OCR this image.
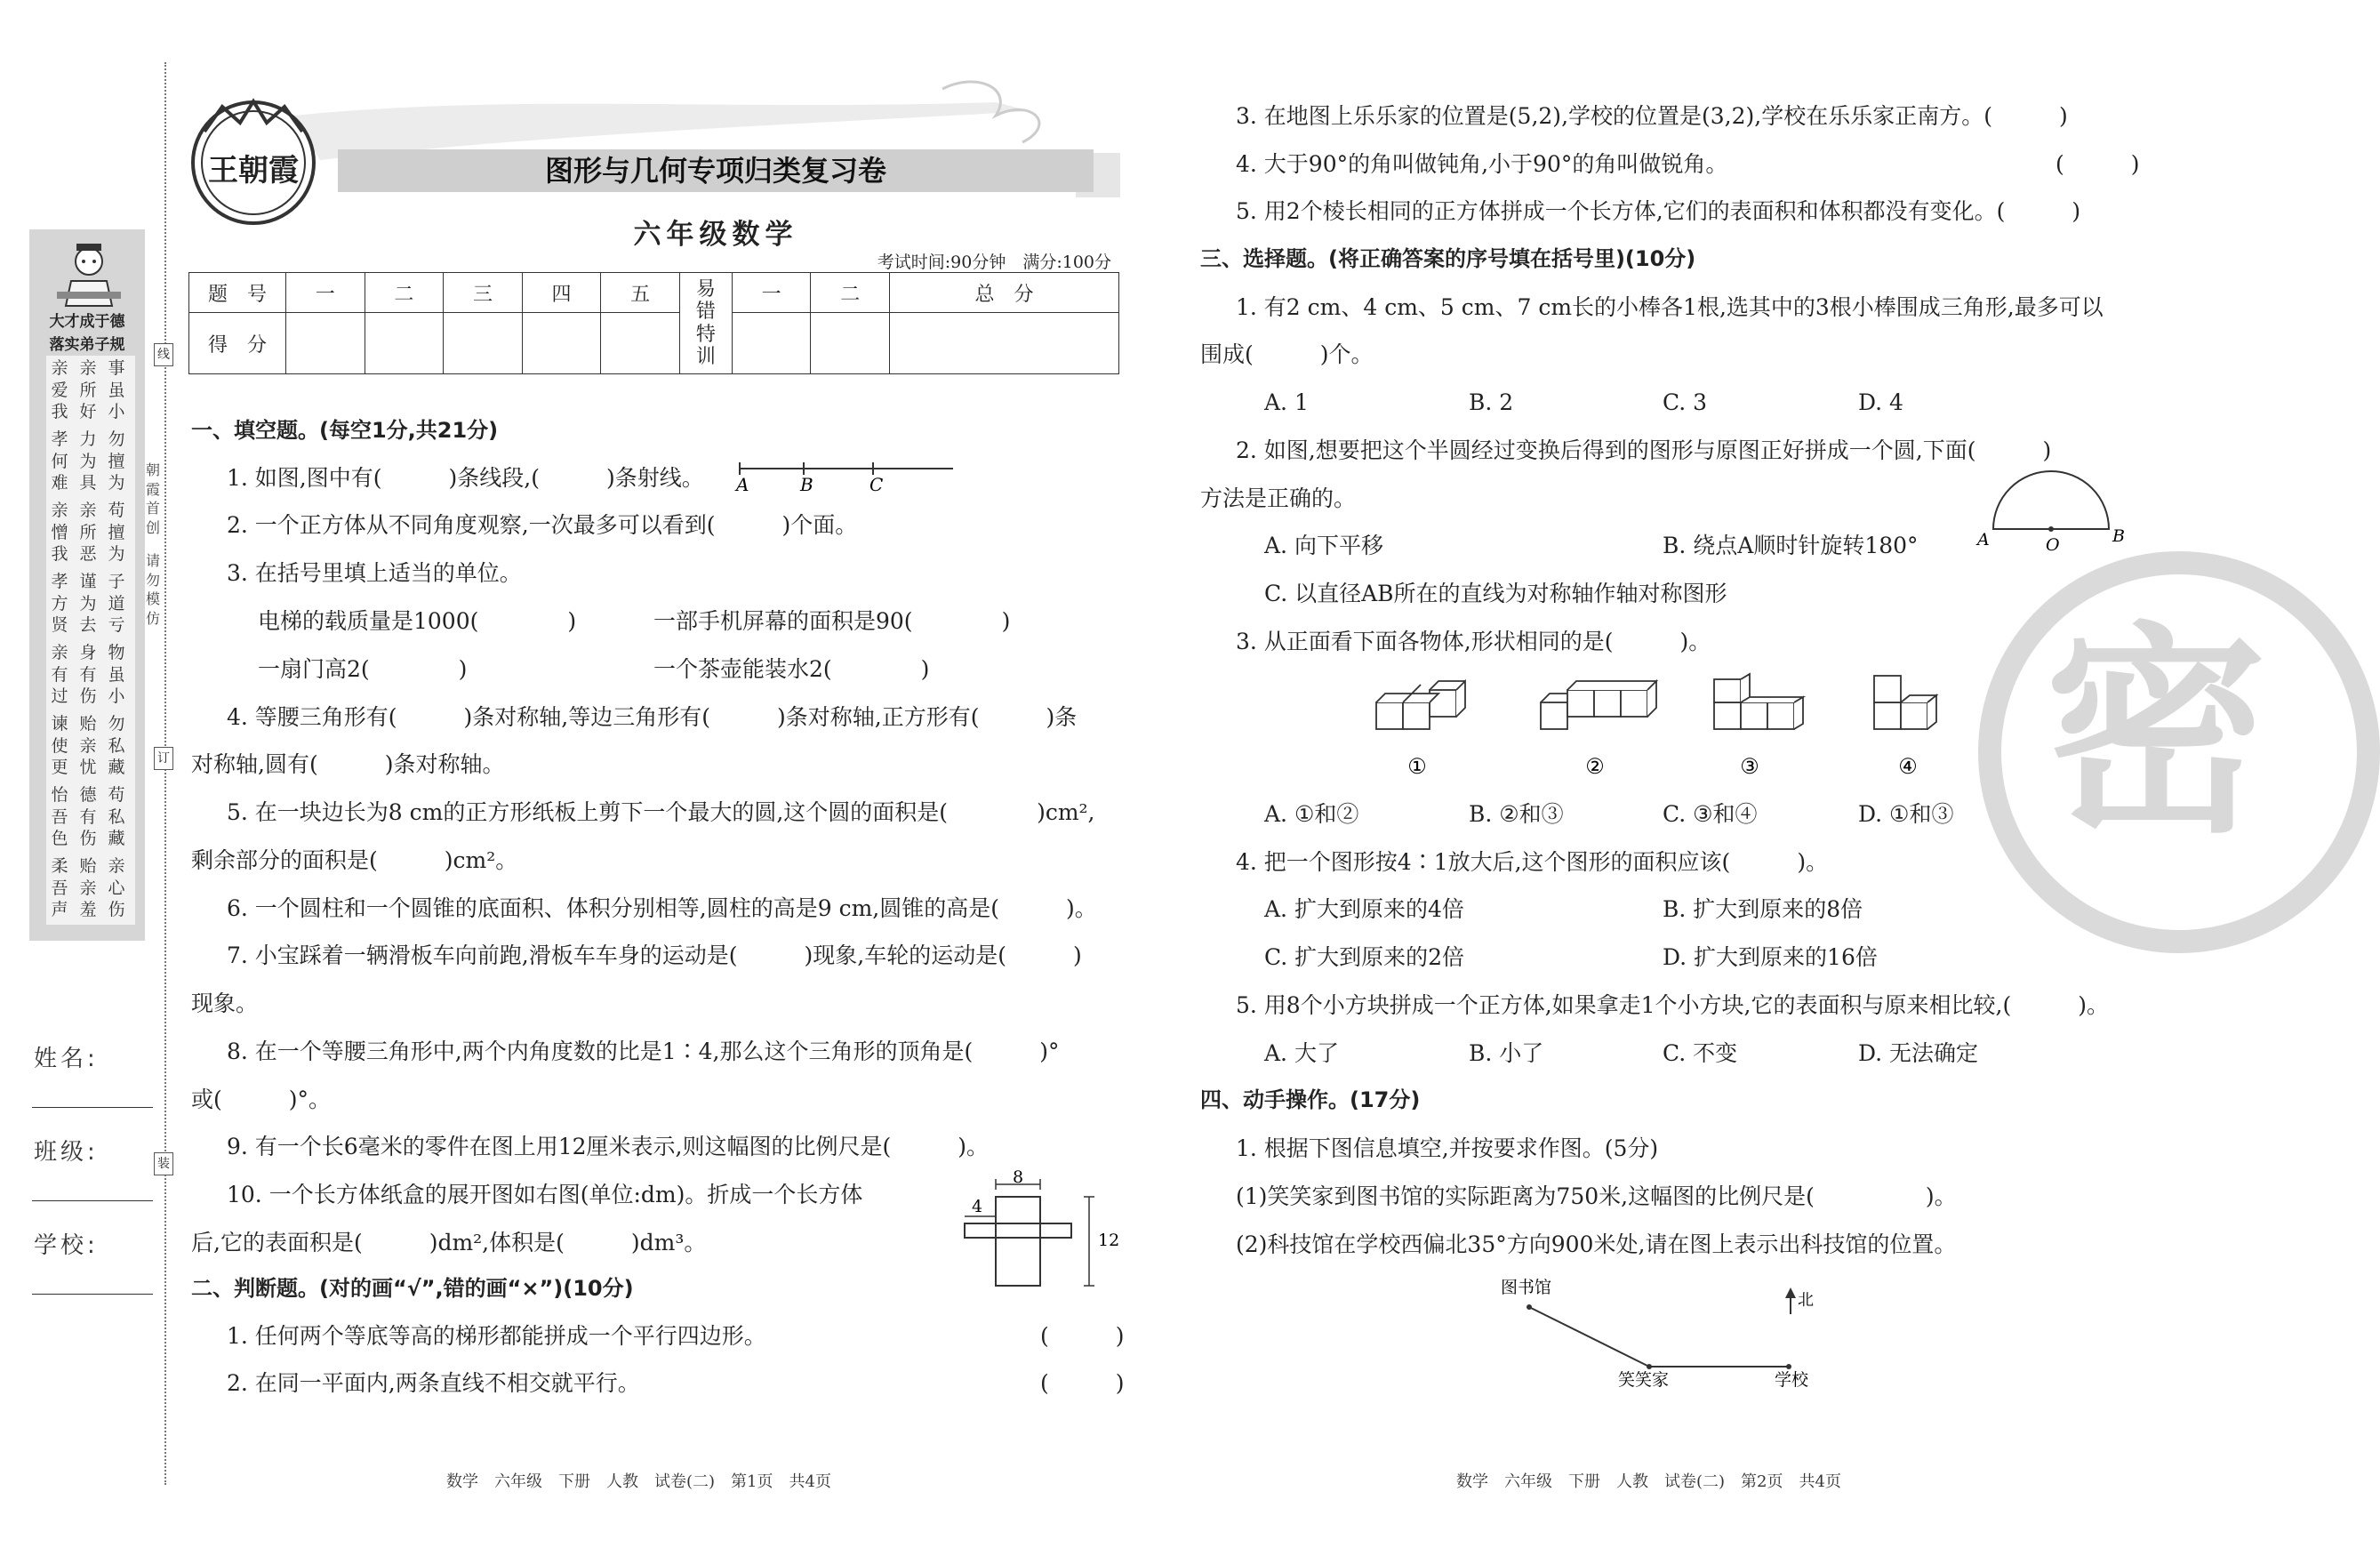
线
订
装
朝霞首创
请勿模仿
大才成于德
落实弟子规
亲爱我
亲所好
事虽小
孝何难
力为具
勿擅为
亲憎我
亲所恶
苟擅为
孝方贤
谨为去
子道亏
亲有过
身有伤
物虽小
谏使更
贻亲忧
勿私藏
怡吾色
德有伤
苟私藏
柔吾声
贻亲羞
亲心伤
姓名:
班级:
学校:
王朝霞	图形与几何专项归类复习卷
六年级数学
考试时间:90分钟　满分:100分
题　号	一	二	三	四	五	易错特训	一	二	总　分
得　分									
一、填空题。(每空1分,共21分)
1. 如图,图中有(　　　)条线段,(　　　)条射线。 A	B	C
2. 一个正方体从不同角度观察,一次最多可以看到(　　　)个面。
3. 在括号里填上适当的单位。
电梯的载质量是1000(　　　　)	一部手机屏幕的面积是90(　　　　)
一扇门高2(　　　　)	一个茶壶能装水2(　　　　)
4. 等腰三角形有(　　　)条对称轴,等边三角形有(　　　)条对称轴,正方形有(　　　)条
对称轴,圆有(　　　)条对称轴。
5. 在一块边长为8 cm的正方形纸板上剪下一个最大的圆,这个圆的面积是(　　　　)cm²,
剩余部分的面积是(　　　)cm²。
6. 一个圆柱和一个圆锥的底面积、体积分别相等,圆柱的高是9 cm,圆锥的高是(　　　)。
7. 小宝踩着一辆滑板车向前跑,滑板车车身的运动是(　　　)现象,车轮的运动是(　　　)
现象。
8. 在一个等腰三角形中,两个内角度数的比是1∶4,那么这个三角形的顶角是(　　　)°
或(　　　)°。
9. 有一个长6毫米的零件在图上用12厘米表示,则这幅图的比例尺是(　　　)。
10. 一个长方体纸盒的展开图如右图(单位:dm)。折成一个长方体
后,它的表面积是(　　　)dm²,体积是(　　　)dm³。
8
4
12
二、判断题。(对的画“√”,错的画“×”)(10分)
1. 任何两个等底等高的梯形都能拼成一个平行四边形。	(　　　)
2. 在同一平面内,两条直线不相交就平行。	(　　　)
数学　六年级　下册　人教　试卷(二)　第1页　共4页
密
3. 在地图上乐乐家的位置是(5,2),学校的位置是(3,2),学校在乐乐家正南方。(　　　)
4. 大于90°的角叫做钝角,小于90°的角叫做锐角。	(　　　)
5. 用2个棱长相同的正方体拼成一个长方体,它们的表面积和体积都没有变化。(　　　)
三、选择题。(将正确答案的序号填在括号里)(10分)
1. 有2 cm、4 cm、5 cm、7 cm长的小棒各1根,选其中的3根小棒围成三角形,最多可以
围成(　　　)个。
A. 1	B. 2	C. 3	D. 4
2. 如图,想要把这个半圆经过变换后得到的图形与原图正好拼成一个圆,下面(　　　)
方法是正确的。
A. 向下平移	B. 绕点A顺时针旋转180°	A	O	B
C. 以直径AB所在的直线为对称轴作轴对称图形
3. 从正面看下面各物体,形状相同的是(　　　)。
①	②	③	④
A. ①和②	B. ②和③	C. ③和④	D. ①和③
4. 把一个图形按4∶1放大后,这个图形的面积应该(　　　)。
A. 扩大到原来的4倍	B. 扩大到原来的8倍
C. 扩大到原来的2倍	D. 扩大到原来的16倍
5. 用8个小方块拼成一个正方体,如果拿走1个小方块,它的表面积与原来相比较,(　　　)。
A. 大了	B. 小了	C. 不变	D. 无法确定
四、动手操作。(17分)
1. 根据下图信息填空,并按要求作图。(5分)
(1)笑笑家到图书馆的实际距离为750米,这幅图的比例尺是(　　　　　)。
(2)科技馆在学校西偏北35°方向900米处,请在图上表示出科技馆的位置。
图书馆
笑笑家	学校
北
数学　六年级　下册　人教　试卷(二)　第2页　共4页
